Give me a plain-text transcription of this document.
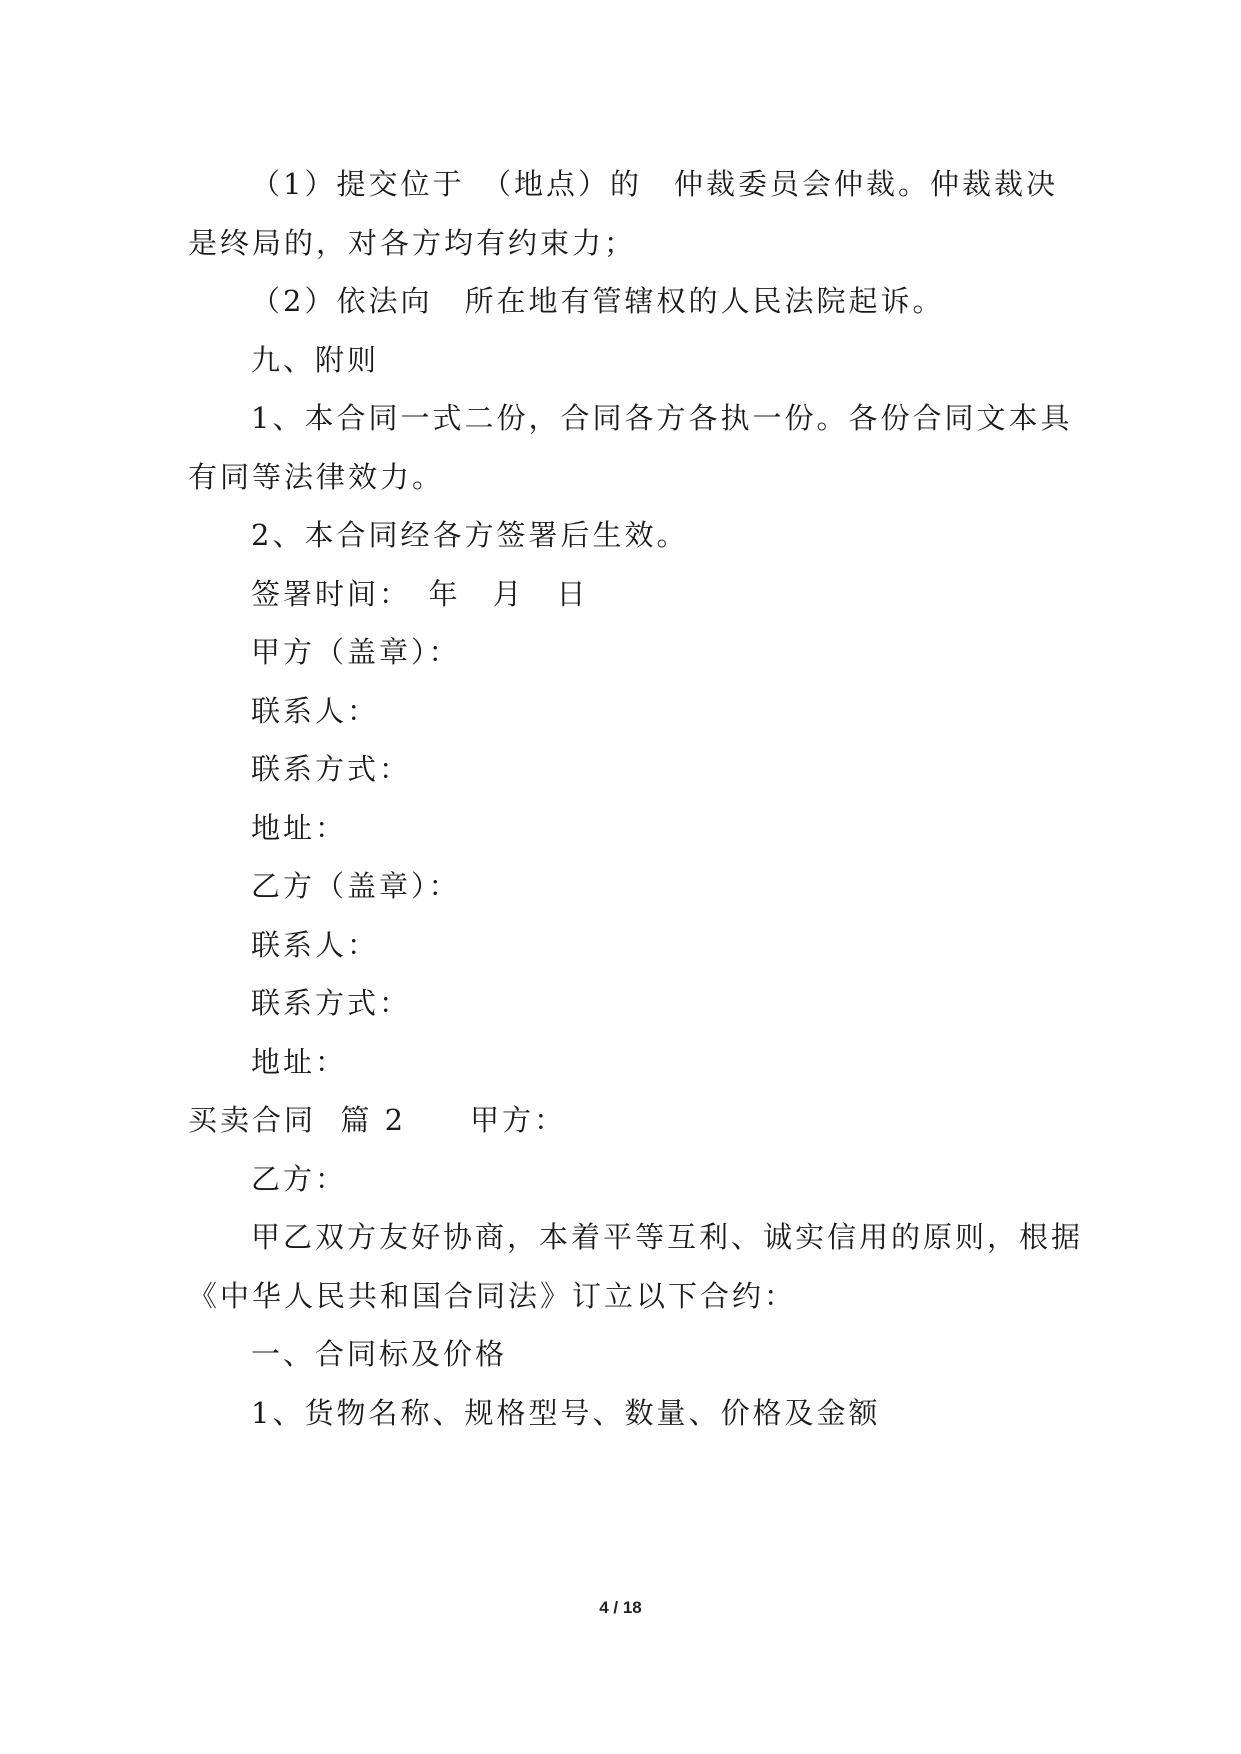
（1）提交位于　（地点）的　仲裁委员会仲裁。仲裁裁决
是终局的，对各方均有约束力；
（2）依法向　所在地有管辖权的人民法院起诉。
九、附则
1、本合同一式二份，合同各方各执一份。各份合同文本具
有同等法律效力。
2、本合同经各方签署后生效。
签署时间：　年　月　日
甲方（盖章）：
联系人：
联系方式：
地址：
乙方（盖章）：
联系人：
联系方式：
地址：
买卖合同  篇 2　　甲方：
乙方：
甲乙双方友好协商，本着平等互利、诚实信用的原则，根据
《中华人民共和国合同法》订立以下合约：
一、合同标及价格
1、货物名称、规格型号、数量、价格及金额
4 / 18
